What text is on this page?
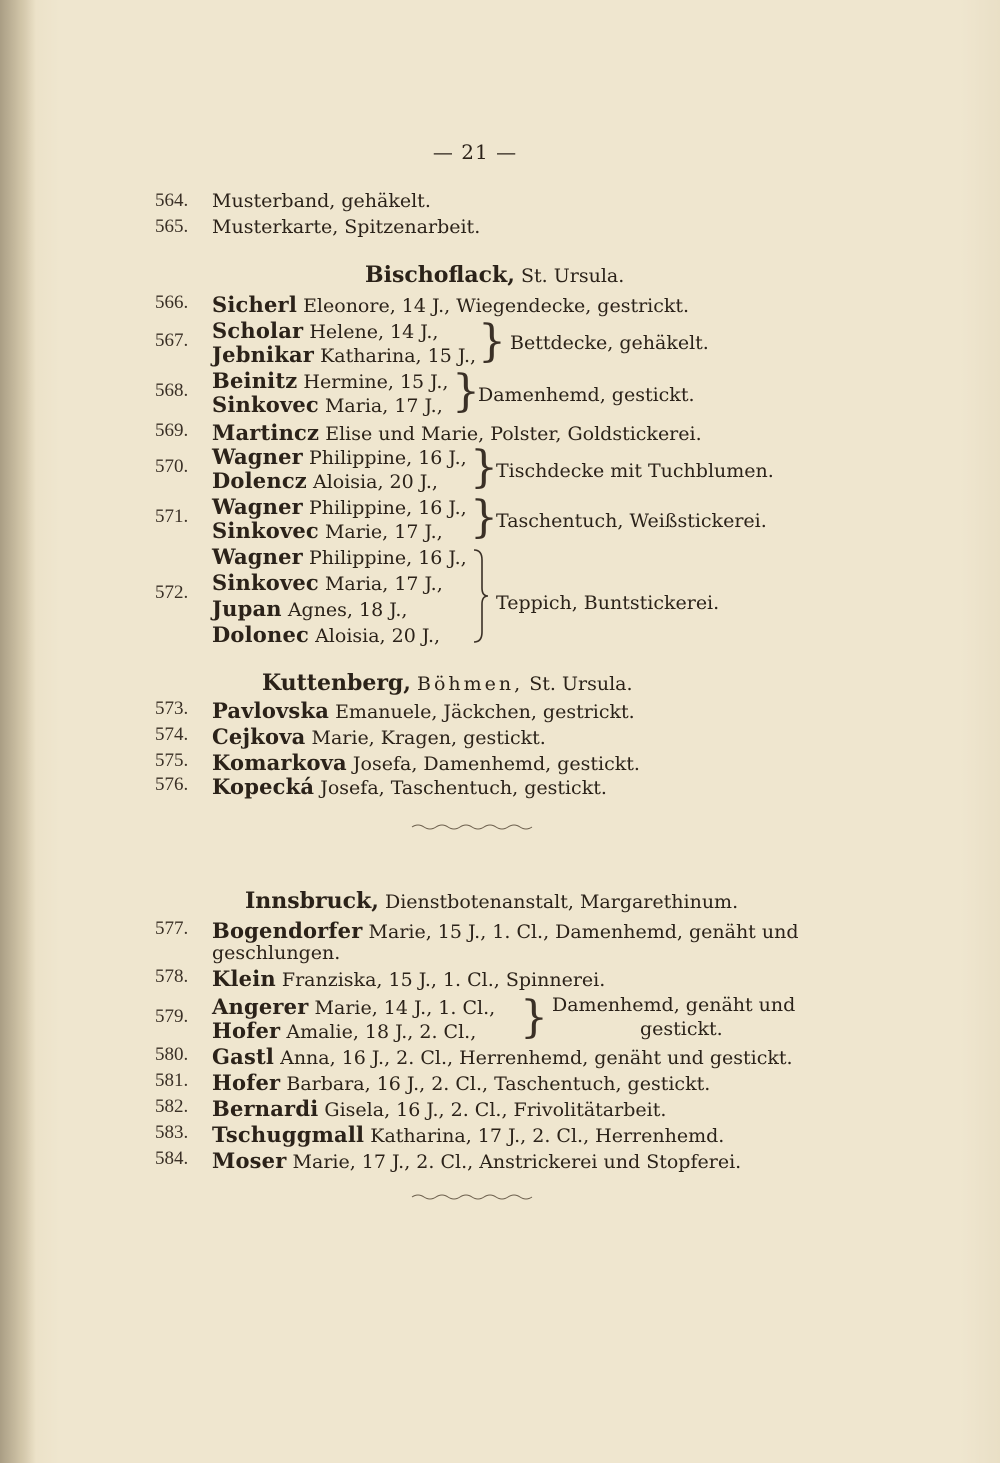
— 21 —
564.	Musterband, gehäkelt.
565.	Musterkarte, Spitzenarbeit.
Bischoflack, St. Ursula.
566.	Sicherl Eleonore, 14 J., Wiegendecke, gestrickt.
567.	Scholar Helene, 14 J.,
Jebnikar Katharina, 15 J., } Bettdecke, gehäkelt.
568.	Beinitz Hermine, 15 J.,
Sinkovec Maria, 17 J., }
Damenhemd, gestickt.
569.	Martincz Elise und Marie, Polster, Goldstickerei.
570.	Wagner Philippine, 16 J.,
Dolencz Aloisia, 20 J., }
Tischdecke mit Tuchblumen.
571.	Wagner Philippine, 16 J.,
Sinkovec Marie, 17 J., }
Taschentuch, Weißstickerei.
572.
Wagner Philippine, 16 J.,
Sinkovec Maria, 17 J.,
Jupan Agnes, 18 J.,
Dolonec Aloisia, 20 J.,
Teppich, Buntstickerei.
Kuttenberg, Böhmen, St. Ursula.
573.	Pavlovska Emanuele, Jäckchen, gestrickt.
574.	Cejkova Marie, Kragen, gestickt.
575.	Komarkova Josefa, Damenhemd, gestickt.
576.	Kopecká Josefa, Taschentuch, gestickt.
Innsbruck, Dienstbotenanstalt, Margarethinum.
577.	Bogendorfer Marie, 15 J., 1. Cl., Damenhemd, genäht und
geschlungen.
578.	Klein Franziska, 15 J., 1. Cl., Spinnerei.
579.	Angerer Marie, 14 J., 1. Cl.,
Hofer Amalie, 18 J., 2. Cl., } Damenhemd, genäht und
gestickt.
580.	Gastl Anna, 16 J., 2. Cl., Herrenhemd, genäht und gestickt.
581.	Hofer Barbara, 16 J., 2. Cl., Taschentuch, gestickt.
582.	Bernardi Gisela, 16 J., 2. Cl., Frivolitätarbeit.
583.	Tschuggmall Katharina, 17 J., 2. Cl., Herrenhemd.
584.	Moser Marie, 17 J., 2. Cl., Anstrickerei und Stopferei.
